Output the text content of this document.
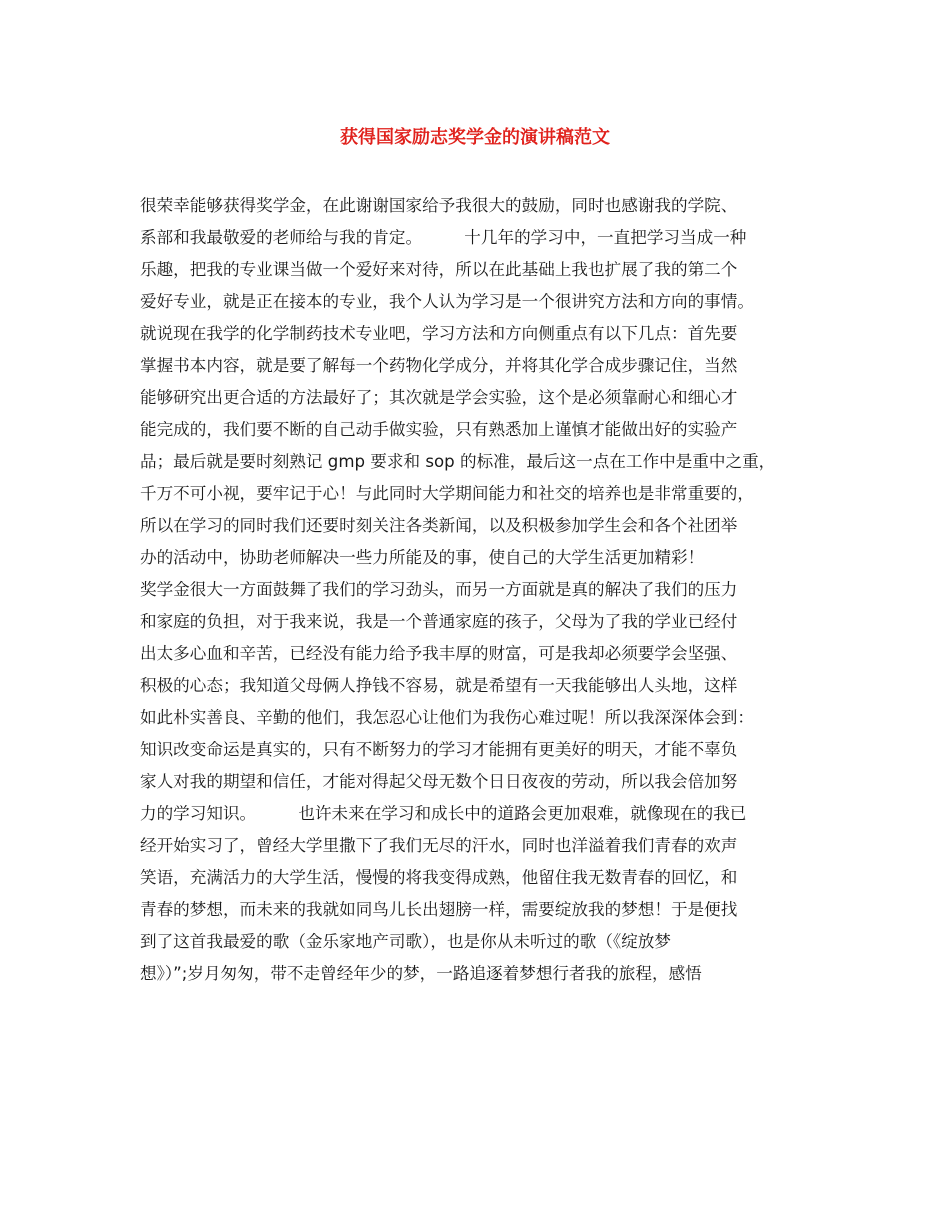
获得国家励志奖学金的演讲稿范文
很荣幸能够获得奖学金，在此谢谢国家给予我很大的鼓励，同时也感谢我的学院、
系部和我最敬爱的老师给与我的肯定。        十几年的学习中，一直把学习当成一种
乐趣，把我的专业课当做一个爱好来对待，所以在此基础上我也扩展了我的第二个
爱好专业，就是正在接本的专业，我个人认为学习是一个很讲究方法和方向的事情。
就说现在我学的化学制药技术专业吧，学习方法和方向侧重点有以下几点：首先要
掌握书本内容，就是要了解每一个药物化学成分，并将其化学合成步骤记住，当然
能够研究出更合适的方法最好了；其次就是学会实验，这个是必须靠耐心和细心才
能完成的，我们要不断的自己动手做实验，只有熟悉加上谨慎才能做出好的实验产
品；最后就是要时刻熟记 gmp 要求和 sop 的标准，最后这一点在工作中是重中之重，
千万不可小视，要牢记于心！与此同时大学期间能力和社交的培养也是非常重要的，
所以在学习的同时我们还要时刻关注各类新闻，以及积极参加学生会和各个社团举
办的活动中，协助老师解决一些力所能及的事，使自己的大学生活更加精彩！
奖学金很大一方面鼓舞了我们的学习劲头，而另一方面就是真的解决了我们的压力
和家庭的负担，对于我来说，我是一个普通家庭的孩子，父母为了我的学业已经付
出太多心血和辛苦，已经没有能力给予我丰厚的财富，可是我却必须要学会坚强、
积极的心态；我知道父母俩人挣钱不容易，就是希望有一天我能够出人头地，这样
如此朴实善良、辛勤的他们，我怎忍心让他们为我伤心难过呢！所以我深深体会到：
知识改变命运是真实的，只有不断努力的学习才能拥有更美好的明天，才能不辜负
家人对我的期望和信任，才能对得起父母无数个日日夜夜的劳动，所以我会倍加努
力的学习知识。        也许未来在学习和成长中的道路会更加艰难，就像现在的我已
经开始实习了，曾经大学里撒下了我们无尽的汗水，同时也洋溢着我们青春的欢声
笑语，充满活力的大学生活，慢慢的将我变得成熟，他留住我无数青春的回忆，和
青春的梦想，而未来的我就如同鸟儿长出翅膀一样，需要绽放我的梦想！于是便找
到了这首我最爱的歌（金乐家地产司歌），也是你从未听过的歌（《绽放梦
想》）”;岁月匆匆，带不走曾经年少的梦，一路追逐着梦想行者我的旅程，感悟
